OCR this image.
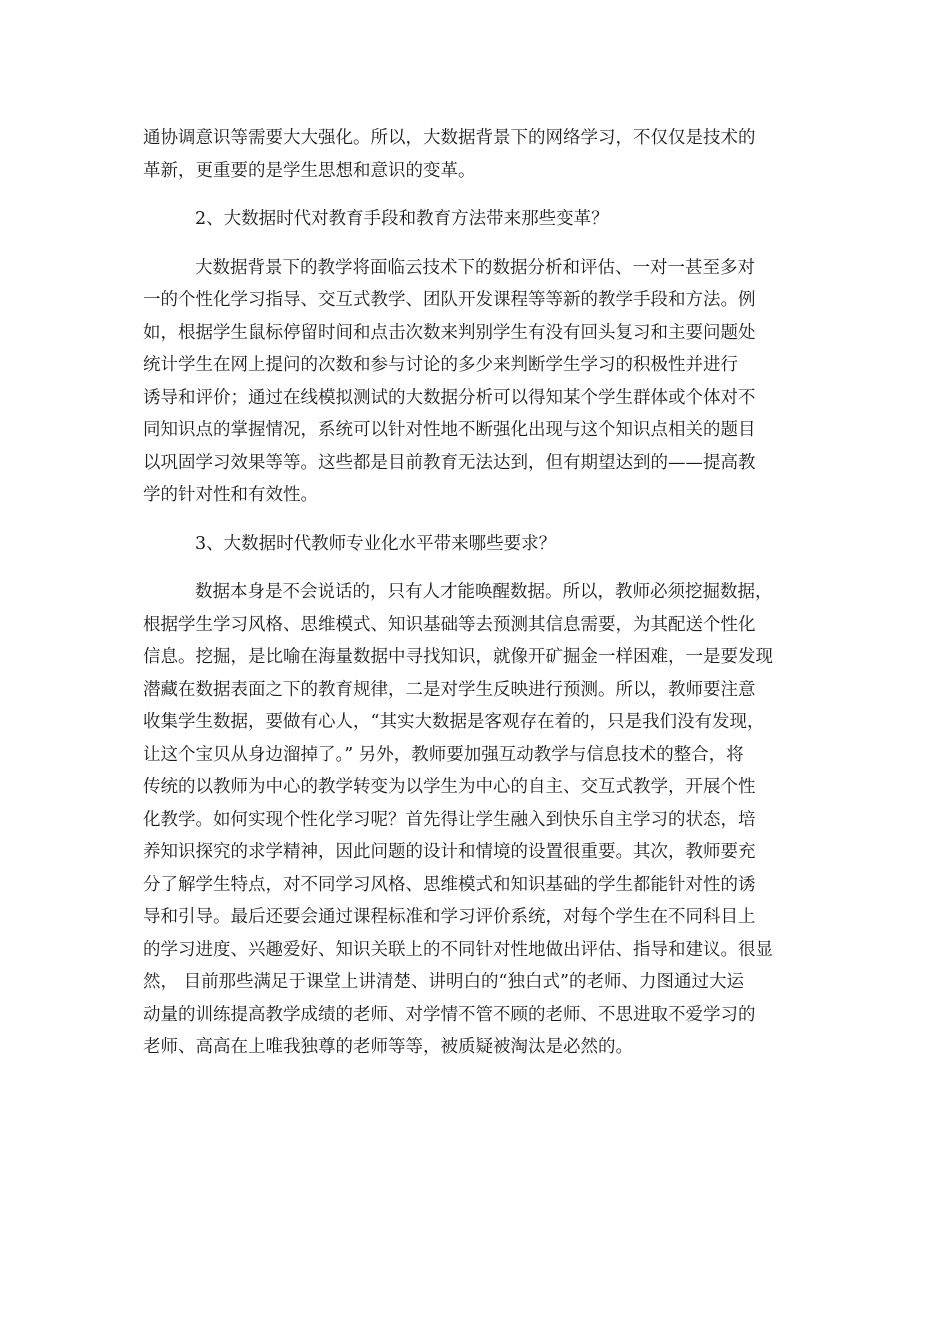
通协调意识等需要大大强化。所以，大数据背景下的网络学习，不仅仅是技术的
革新，更重要的是学生思想和意识的变革。
2、大数据时代对教育手段和教育方法带来那些变革？
大数据背景下的教学将面临云技术下的数据分析和评估、一对一甚至多对
一的个性化学习指导、交互式教学、团队开发课程等等新的教学手段和方法。例
如，根据学生鼠标停留时间和点击次数来判别学生有没有回头复习和主要问题处
统计学生在网上提问的次数和参与讨论的多少来判断学生学习的积极性并进行
诱导和评价；通过在线模拟测试的大数据分析可以得知某个学生群体或个体对不
同知识点的掌握情况，系统可以针对性地不断强化出现与这个知识点相关的题目
以巩固学习效果等等。这些都是目前教育无法达到，但有期望达到的——提高教
学的针对性和有效性。
3、大数据时代教师专业化水平带来哪些要求？
数据本身是不会说话的，只有人才能唤醒数据。所以，教师必须挖掘数据，
根据学生学习风格、思维模式、知识基础等去预测其信息需要，为其配送个性化
信息。挖掘，是比喻在海量数据中寻找知识，就像开矿掘金一样困难，一是要发现
潜藏在数据表面之下的教育规律，二是对学生反映进行预测。所以，教师要注意
收集学生数据，要做有心人，“其实大数据是客观存在着的，只是我们没有发现，
让这个宝贝从身边溜掉了。” 另外，教师要加强互动教学与信息技术的整合，将
传统的以教师为中心的教学转变为以学生为中心的自主、交互式教学，开展个性
化教学。如何实现个性化学习呢？首先得让学生融入到快乐自主学习的状态，培
养知识探究的求学精神，因此问题的设计和情境的设置很重要。其次，教师要充
分了解学生特点，对不同学习风格、思维模式和知识基础的学生都能针对性的诱
导和引导。最后还要会通过课程标准和学习评价系统，对每个学生在不同科目上
的学习进度、兴趣爱好、知识关联上的不同针对性地做出评估、指导和建议。很显
然， 目前那些满足于课堂上讲清楚、讲明白的“独白式”的老师、力图通过大运
动量的训练提高教学成绩的老师、对学情不管不顾的老师、不思进取不爱学习的
老师、高高在上唯我独尊的老师等等，被质疑被淘汰是必然的。
